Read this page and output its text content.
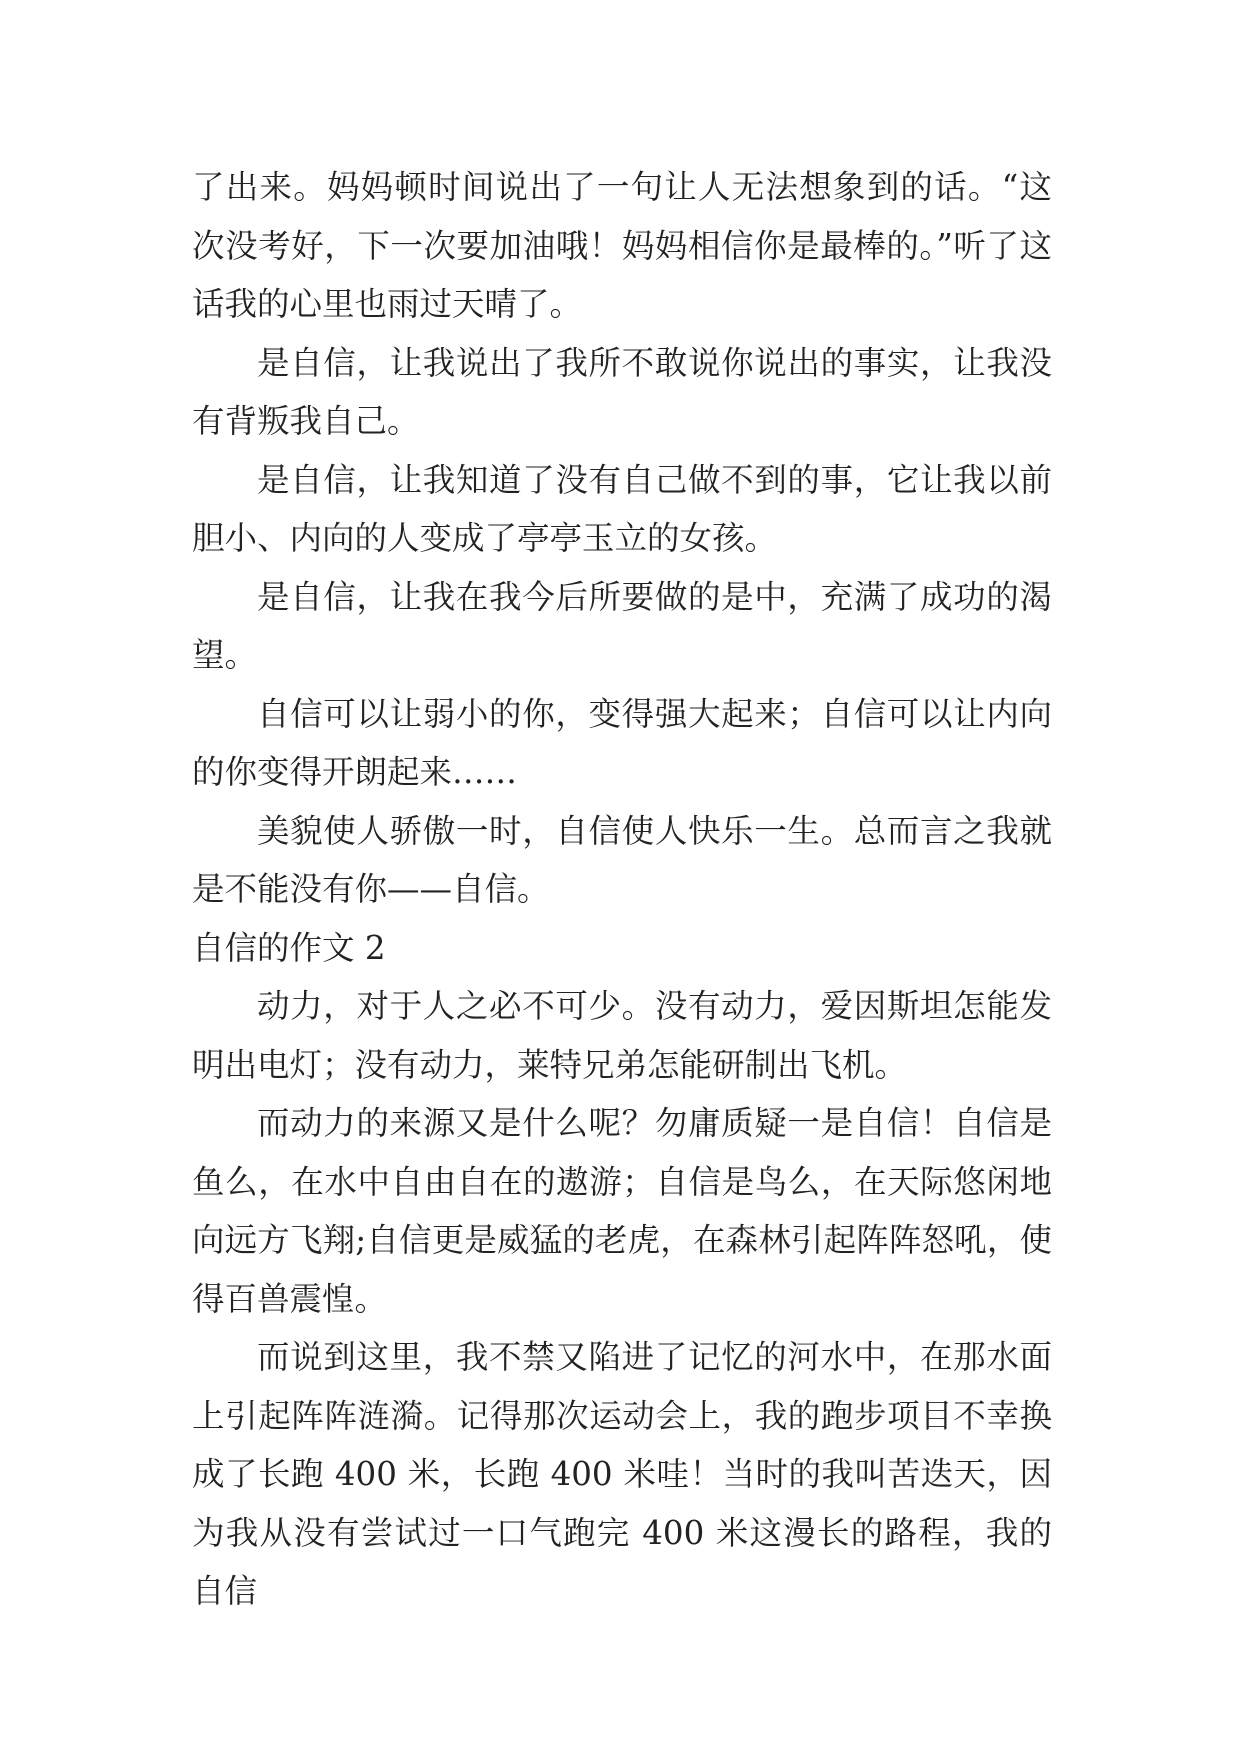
了出来。妈妈顿时间说出了一句让人无法想象到的话。“这次没考好，下一次要加油哦！妈妈相信你是最棒的。”听了这话我的心里也雨过天晴了。

是自信，让我说出了我所不敢说你说出的事实，让我没有背叛我自己。

是自信，让我知道了没有自己做不到的事，它让我以前胆小、内向的人变成了亭亭玉立的女孩。

是自信，让我在我今后所要做的是中，充满了成功的渴望。

自信可以让弱小的你，变得强大起来；自信可以让内向的你变得开朗起来……

美貌使人骄傲一时，自信使人快乐一生。总而言之我就是不能没有你——自信。

自信的作文 2

动力，对于人之必不可少。没有动力，爱因斯坦怎能发明出电灯；没有动力，莱特兄弟怎能研制出飞机。

而动力的来源又是什么呢？勿庸质疑一是自信！自信是鱼么，在水中自由自在的遨游；自信是鸟么，在天际悠闲地向远方飞翔;自信更是威猛的老虎，在森林引起阵阵怒吼，使得百兽震惶。

而说到这里，我不禁又陷进了记忆的河水中，在那水面上引起阵阵涟漪。记得那次运动会上，我的跑步项目不幸换成了长跑 400 米，长跑 400 米哇！当时的我叫苦迭天，因为我从没有尝试过一口气跑完 400 米这漫长的路程，我的自信
